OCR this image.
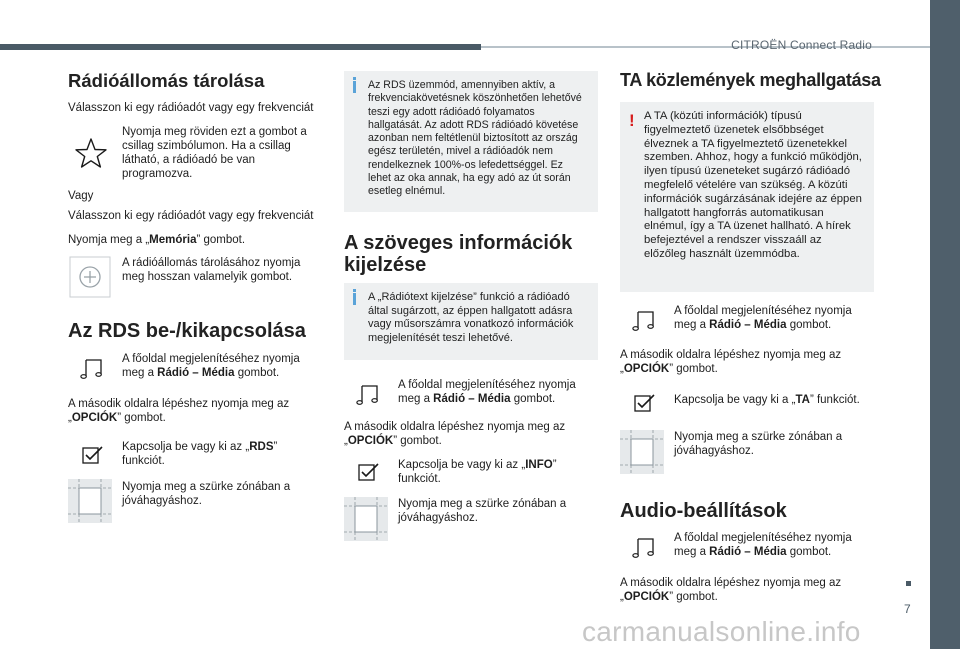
CITROËN Connect Radio
7
carmanualsonline.info
Rádióállomás tárolása
Válasszon ki egy rádióadót vagy egy frekvenciát
Nyomja meg röviden ezt a gombot a csillag szimbólumon. Ha a csillag látható, a rádióadó be van programozva.
Vagy
Válasszon ki egy rádióadót vagy egy frekvenciát
Nyomja meg a „Memória” gombot.
A rádióállomás tárolásához nyomja meg hosszan valamelyik gombot.
Az RDS be-/kikapcsolása
A főoldal megjelenítéséhez nyomja meg a Rádió – Média gombot.
A második oldalra lépéshez nyomja meg az „OPCIÓK” gombot.
Kapcsolja be vagy ki az „RDS” funkciót.
Nyomja meg a szürke zónában a jóváhagyáshoz.
Az RDS üzemmód, amennyiben aktív, a frekvenciakövetésnek köszönhetően lehetővé teszi egy adott rádióadó folyamatos hallgatását. Az adott RDS rádióadó követése azonban nem feltétlenül biztosított az ország egész területén, mivel a rádióadók nem rendelkeznek 100%-os lefedettséggel. Ez lehet az oka annak, ha egy adó az út során esetleg elnémul.
A szöveges információk kijelzése
A „Rádiótext kijelzése” funkció a rádióadó által sugárzott, az éppen hallgatott adásra vagy műsorszámra vonatkozó információk megjelenítését teszi lehetővé.
A főoldal megjelenítéséhez nyomja meg a Rádió – Média gombot.
A második oldalra lépéshez nyomja meg az „OPCIÓK” gombot.
Kapcsolja be vagy ki az „INFO” funkciót.
Nyomja meg a szürke zónában a jóváhagyáshoz.
TA közlemények meghallgatása
! A TA (közúti információk) típusú figyelmeztető üzenetek elsőbbséget élveznek a TA figyelmeztető üzenetekkel szemben. Ahhoz, hogy a funkció működjön, ilyen típusú üzeneteket sugárzó rádióadó megfelelő vételére van szükség. A közúti információk sugárzásának idejére az éppen hallgatott hangforrás automatikusan elnémul, így a TA üzenet hallható. A hírek befejeztével a rendszer visszaáll az előzőleg használt üzemmódba.
A főoldal megjelenítéséhez nyomja meg a Rádió – Média gombot.
A második oldalra lépéshez nyomja meg az „OPCIÓK” gombot.
Kapcsolja be vagy ki a „TA” funkciót.
Nyomja meg a szürke zónában a jóváhagyáshoz.
Audio-beállítások
A főoldal megjelenítéséhez nyomja meg a Rádió – Média gombot.
A második oldalra lépéshez nyomja meg az „OPCIÓK” gombot.
